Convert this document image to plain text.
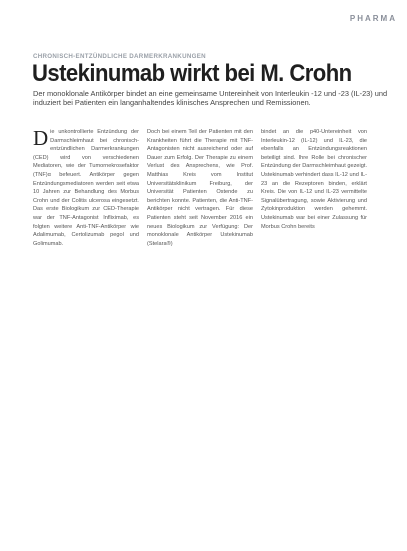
PHARMA
CHRONISCH-ENTZÜNDLICHE DARMERKRANKUNGEN
Ustekinumab wirkt bei M. Crohn
Der monoklonale Antikörper bindet an eine gemeinsame Untereinheit von Interleukin -12 und -23 (IL-23) und induziert bei Patienten ein langanhaltendes klinisches Ansprechen und Remissionen.
D ie unkontrollierte Entzündung der Darmschleimhaut bei chronisch-entzündlichen Darmerkrankungen (CED) wird von verschiedenen Mediatoren, wie der Tumornekrosefaktor (TNF)α befeuert. Antikörper gegen Entzündungsmediatoren werden seit etwa 10 Jahren zur Behandlung des Morbus Crohn und der Colitis ulcerosa eingesetzt. Das erste Biologikum zur CED-Therapie war der TNF-Antagonist Infliximab, es folgten weitere Anti-TNF-Antikörper wie Adalimumab, Certolizumab pegol und Golimumab.

Doch bei einem Teil der Patienten mit den Krankheiten führt die Therapie mit TNF-Antagonisten nicht ausreichend oder auf Dauer zum Erfolg. Der Therapie zu einem Verlust des Ansprechens, wie Prof. Matthias Kreis vom Institut Universitätsklinikum Freiburg, der Universität Patienten Ostende zu berichten konnte. Patienten, die Anti-TNF-Antikörper nicht vertragen. Für diese Patienten steht seit November 2016 ein neues Biologikum zur Verfügung: Der monoklonale Antikörper Ustekinumab (Stelara®)

bindet an die p40-Untereinheit von Interleukin-12 (IL-12) und IL-23, die ebenfalls an Entzündungsreaktionen beteiligt sind. Ihre Rolle bei chronischer Entzündung der Darmschleimhaut gezeigt. Ustekinumab verhindert dass IL-12 und IL-23 an die Rezeptoren binden, erklärt Kreis. Die von IL-12 und IL-23 vermittelte Signalübertragung, sowie Aktivierung und Zytokinproduktion werden gehemmt. Ustekinumab war bei einer Zulassung für Morbus Crohn bereits
